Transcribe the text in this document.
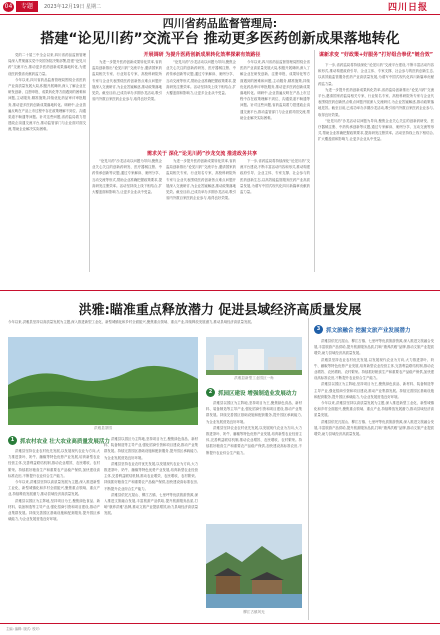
04	专题	2023年12月19日 星期二	四川日报
四川省药品监督管理局:
搭建“论见川药”交流平台 推动更多医药创新成果落地转化

党的二十届三中全会以来,四川省药品监督管理局深入贯彻落实党中央国务院决策部署,搭建“论见川药”交流平台,推动更多医药创新成果落地转化,为建设医药强省贡献药监力量。

今年以来,四川省药品监督管理局围绕全省医药产业高质量发展大局,积极开展调研,深入了解企业在研发创新、注册申报、成果转化等方面遇到的困难和问题,主动服务,精准施策,持续优化药品审评审批服务,推动更多医药创新成果落地转化。调研中,企业普遍反映在产品上市过程中存在政策理解不到位、沟通渠道不畅通等问题。针对这些问题,省药监局着力搭建政企沟通交流平台,推动监管部门与企业面对面交流,帮助企业解决实际困难。

开展调研 为提升医药创新成果转化效率探索有效路径

为进一步提升医药创新成果转化效率,省药监局创新推出“论见川药”交流平台,邀请国家药监局相关专家、行业知名专家、高校科研院所专家与企业代表围绕医药创新热点难点问题开展深入交流研讨,为企业答疑解惑,推动政策落地见效。截至目前,已成功举办多期沙龙活动,吸引省内外数百家医药企业参与,取得良好效果。

“论见川药”沙龙活动以问题为导向,聚焦企业关心关注的创新药研发、医疗器械注册、中药传承创新等议题,通过专家解读、案例分享、互动交流等形式,帮助企业准确把握政策要求,提高研发注册效率。活动坚持线上线下相结合,扩大覆盖面和影响力,让更多企业从中受益。

今年以来,四川省药品监督管理局围绕全省医药产业高质量发展大局,积极开展调研,深入了解企业在研发创新、注册申报、成果转化等方面遇到的困难和问题,主动服务,精准施策,持续优化药品审评审批服务,推动更多医药创新成果落地转化。调研中,企业普遍反映在产品上市过程中存在政策理解不到位、沟通渠道不畅通等问题。针对这些问题,省药监局着力搭建政企沟通交流平台,推动监管部门与企业面对面交流,帮助企业解决实际困难。

需求关于 深化“论见川药”沙龙交流 推进政务共享

“论见川药”沙龙活动以问题为导向,聚焦企业关心关注的创新药研发、医疗器械注册、中药传承创新等议题,通过专家解读、案例分享、互动交流等形式,帮助企业准确把握政策要求,提高研发注册效率。活动坚持线上线下相结合,扩大覆盖面和影响力,让更多企业从中受益。

为进一步提升医药创新成果转化效率,省药监局创新推出“论见川药”交流平台,邀请国家药监局相关专家、行业知名专家、高校科研院所专家与企业代表围绕医药创新热点难点问题开展深入交流研讨,为企业答疑解惑,推动政策落地见效。截至目前,已成功举办多期沙龙活动,吸引省内外数百家医药企业参与,取得良好效果。

下一步,省药监局将持续深化“论见川药”交流平台建设,不断丰富活动内容和形式,推动构建政府引导、企业主体、专家支撑、社会参与的医药创新生态,以高效能监管服务医药产业高质量发展,为谱写中国式现代化四川新篇章贡献药监力量。

谋新求变 “好政策+好服务”打好组合拳优“链合效”

下一步,省药监局将持续深化“论见川药”交流平台建设,不断丰富活动内容和形式,推动构建政府引导、企业主体、专家支撑、社会参与的医药创新生态,以高效能监管服务医药产业高质量发展,为谱写中国式现代化四川新篇章贡献药监力量。

为进一步提升医药创新成果转化效率,省药监局创新推出“论见川药”交流平台,邀请国家药监局相关专家、行业知名专家、高校科研院所专家与企业代表围绕医药创新热点难点问题开展深入交流研讨,为企业答疑解惑,推动政策落地见效。截至目前,已成功举办多期沙龙活动,吸引省内外数百家医药企业参与,取得良好效果。

“论见川药”沙龙活动以问题为导向,聚焦企业关心关注的创新药研发、医疗器械注册、中药传承创新等议题,通过专家解读、案例分享、互动交流等形式,帮助企业准确把握政策要求,提高研发注册效率。活动坚持线上线下相结合,扩大覆盖面和影响力,让更多企业从中受益。

洪雅:瞄准重点释放潜力 促进县域经济高质量发展
今年以来,洪雅县坚持以高质量发展为主题,深入推进新型工业化、新型城镇化和乡村全面振兴,聚焦重点领域、重点产业,持续释放发展潜力,推动县域经济高质量发展。
洪雅县茶园
洪雅县新型工业园区一角
1	抓农村农业 壮大农业高质量发展活力

洪雅县坚持农业农村优先发展,以发展现代农业为方向,大力推进茶叶、奶牛、藤椒等特色优势产业发展,培育新型农业经营主体,完善利益联结机制,推动农业增效、农民增收、农村繁荣。持续抓好粮食生产和重要农产品稳产保供,加快建设高标准农田,不断提升农业综合生产能力。

今年以来,洪雅县坚持以高质量发展为主题,深入推进新型工业化、新型城镇化和乡村全面振兴,聚焦重点领域、重点产业,持续释放发展潜力,推动县域经济高质量发展。

洪雅县以园区为主阵地,坚持项目为王,聚焦绿色食品、新材料、装备制造等主导产业,强化招商引资和项目建设,推动产业集群发展。持续完善园区基础设施和配套服务,提升园区承载能力,为企业发展营造良好环境。

洪雅县以园区为主阵地,坚持项目为王,聚焦绿色食品、新材料、装备制造等主导产业,强化招商引资和项目建设,推动产业集群发展。持续完善园区基础设施和配套服务,提升园区承载能力,为企业发展营造良好环境。

洪雅县坚持农业农村优先发展,以发展现代农业为方向,大力推进茶叶、奶牛、藤椒等特色优势产业发展,培育新型农业经营主体,完善利益联结机制,推动农业增效、农民增收、农村繁荣。持续抓好粮食生产和重要农产品稳产保供,加快建设高标准农田,不断提升农业综合生产能力。

洪雅县依托瓦屋山、柳江古镇、七里坪等优质旅游资源,深入推进文旅融合发展,丰富旅游产品供给,提升旅游服务品质,打响“康养洪雅”品牌,推动文旅产业提质增效,助力县域经济高质量发展。

2	抓园区建设 增强制造业发展动力

洪雅县以园区为主阵地,坚持项目为王,聚焦绿色食品、新材料、装备制造等主导产业,强化招商引资和项目建设,推动产业集群发展。持续完善园区基础设施和配套服务,提升园区承载能力,为企业发展营造良好环境。

洪雅县坚持农业农村优先发展,以发展现代农业为方向,大力推进茶叶、奶牛、藤椒等特色优势产业发展,培育新型农业经营主体,完善利益联结机制,推动农业增效、农民增收、农村繁荣。持续抓好粮食生产和重要农产品稳产保供,加快建设高标准农田,不断提升农业综合生产能力。

柳江古镇风光
3	抓文旅融合 挖掘文旅产业发展潜力

洪雅县依托瓦屋山、柳江古镇、七里坪等优质旅游资源,深入推进文旅融合发展,丰富旅游产品供给,提升旅游服务品质,打响“康养洪雅”品牌,推动文旅产业提质增效,助力县域经济高质量发展。

洪雅县坚持农业农村优先发展,以发展现代农业为方向,大力推进茶叶、奶牛、藤椒等特色优势产业发展,培育新型农业经营主体,完善利益联结机制,推动农业增效、农民增收、农村繁荣。持续抓好粮食生产和重要农产品稳产保供,加快建设高标准农田,不断提升农业综合生产能力。

洪雅县以园区为主阵地,坚持项目为王,聚焦绿色食品、新材料、装备制造等主导产业,强化招商引资和项目建设,推动产业集群发展。持续完善园区基础设施和配套服务,提升园区承载能力,为企业发展营造良好环境。

今年以来,洪雅县坚持以高质量发展为主题,深入推进新型工业化、新型城镇化和乡村全面振兴,聚焦重点领域、重点产业,持续释放发展潜力,推动县域经济高质量发展。

洪雅县依托瓦屋山、柳江古镇、七里坪等优质旅游资源,深入推进文旅融合发展,丰富旅游产品供给,提升旅游服务品质,打响“康养洪雅”品牌,推动文旅产业提质增效,助力县域经济高质量发展。

主编: 编辑: 版式: 校对:
